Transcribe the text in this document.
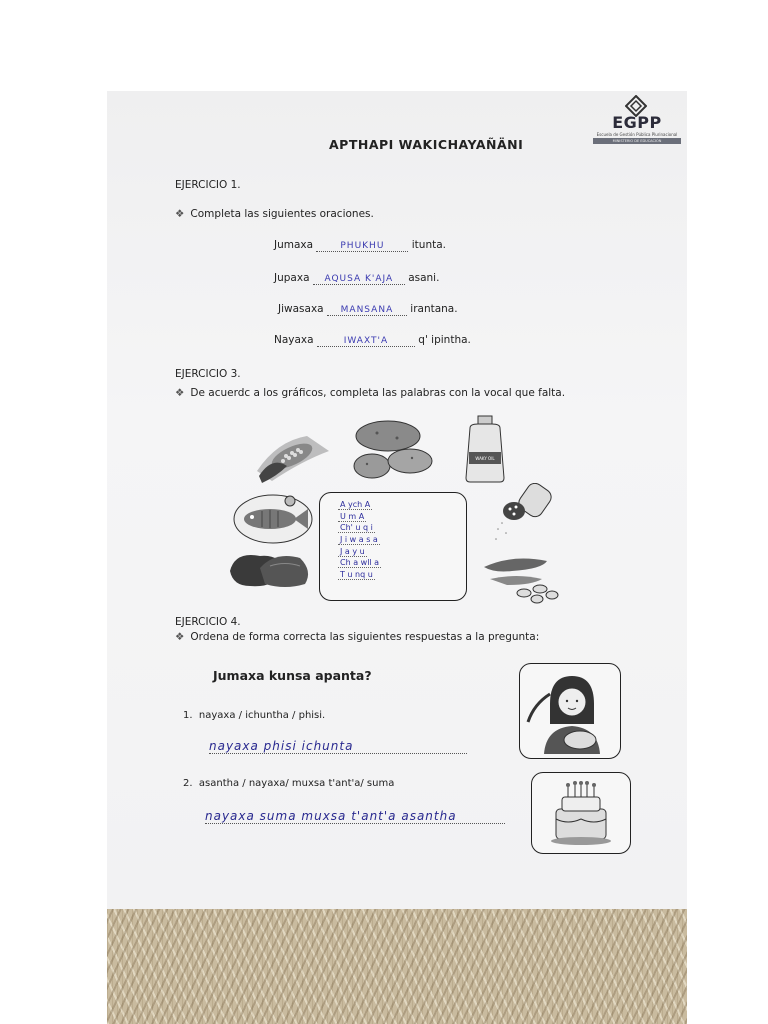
EGPP
Escuela de Gestión Pública Plurinacional
MINISTERIO DE EDUCACIÓN
APTHAPI WAKICHAYAÑÄNI
EJERCICIO 1.
❖ Completa las siguientes oraciones.
Jumaxa	PHUKHU	itunta.
Jupaxa AQUSA K'AJA asani.
Jiwasaxa MANSANA irantana.
Nayaxa	IWAXT'A	q' ipintha.
EJERCICIO 3.
❖ De acuerdc a los gráficos, completa las palabras con la vocal que falta.
WAKY OIL
A ych A
U m A
Ch' u q i
J i w a s a
J a y u
Ch a wll a
T u nq u
EJERCICIO 4.
❖ Ordena de forma correcta las siguientes respuestas a la pregunta:
Jumaxa kunsa apanta?
1. nayaxa / ichuntha / phisi.
nayaxa phisi ichunta
2. asantha / nayaxa/ muxsa t'ant'a/ suma
nayaxa suma muxsa t'ant'a asantha
